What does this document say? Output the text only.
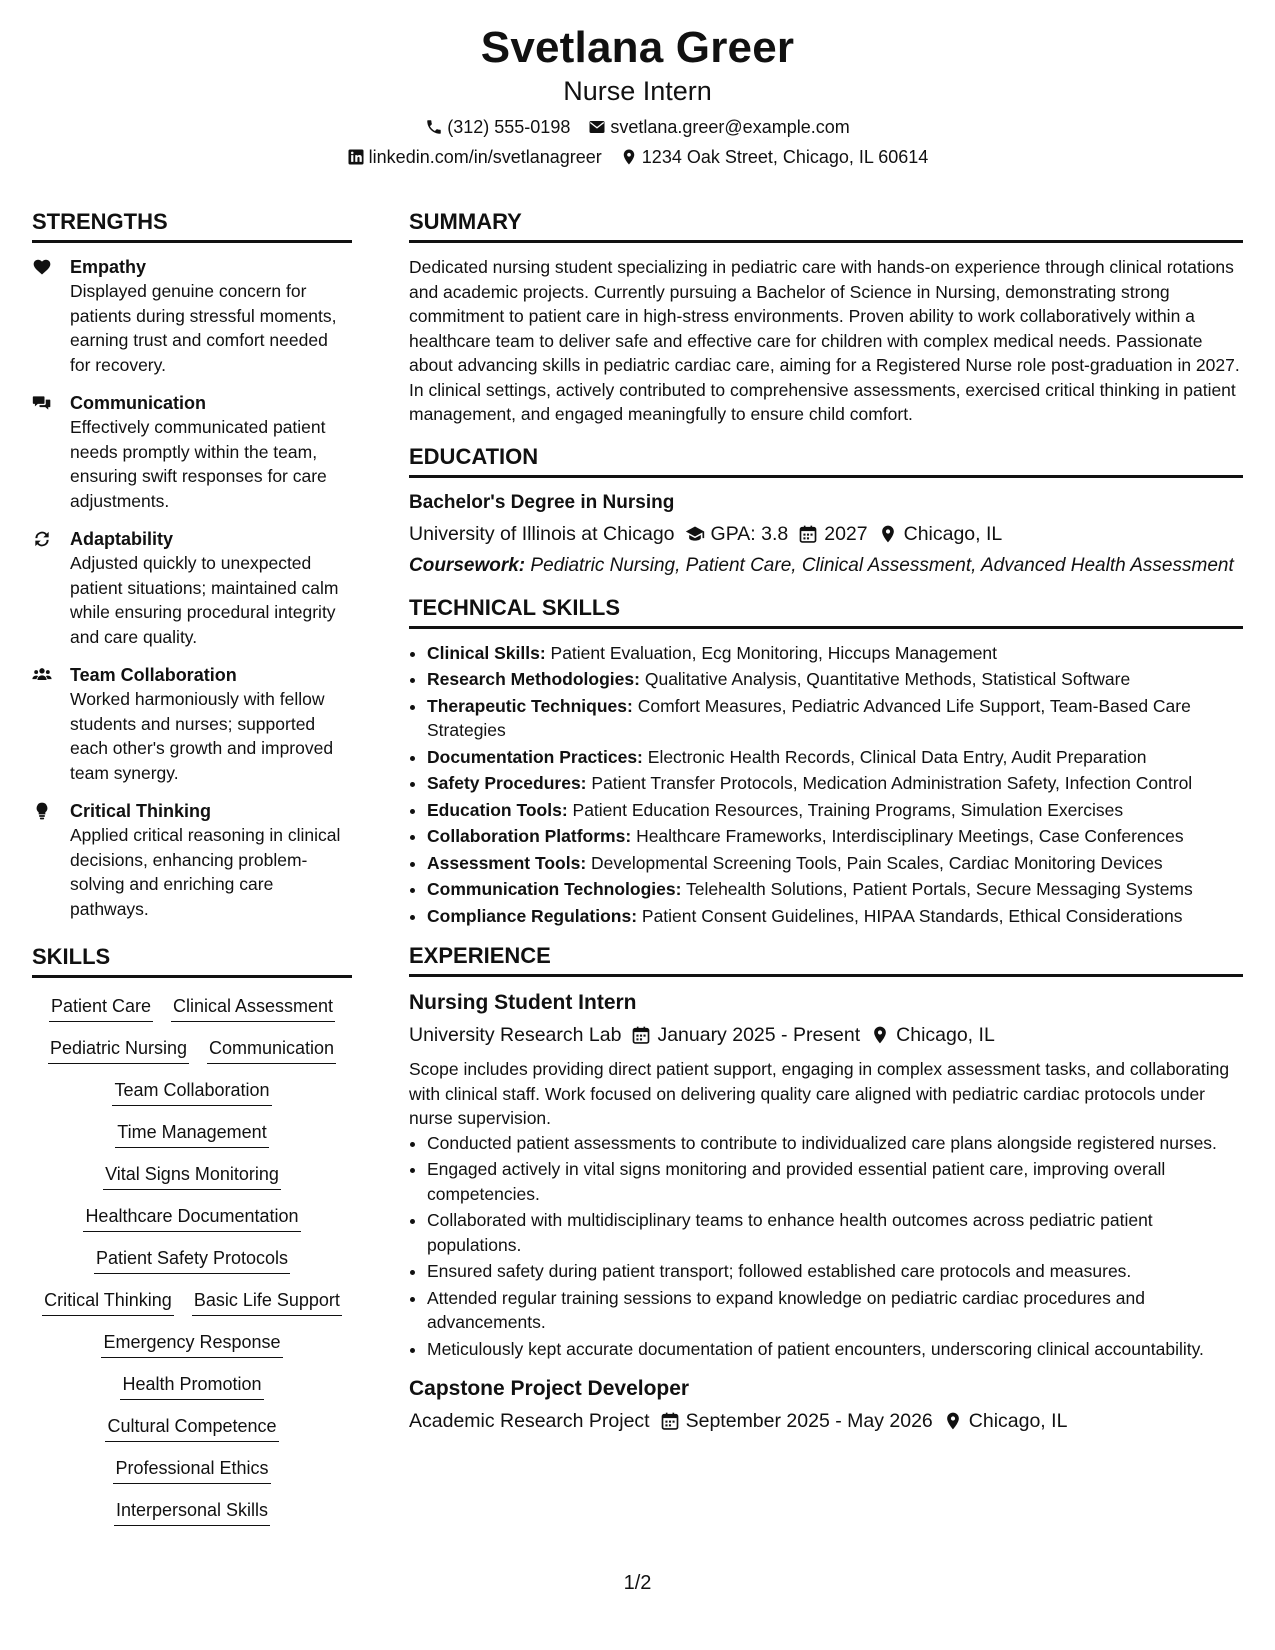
Svetlana Greer
Nurse Intern
(312) 555-0198 svetlana.greer@example.com
linkedin.com/in/svetlanagreer 1234 Oak Street, Chicago, IL 60614
STRENGTHS
Empathy
Displayed genuine concern for patients during stressful moments, earning trust and comfort needed for recovery.
Communication
Effectively communicated patient needs promptly within the team, ensuring swift responses for care adjustments.
Adaptability
Adjusted quickly to unexpected patient situations; maintained calm while ensuring procedural integrity and care quality.
Team Collaboration
Worked harmoniously with fellow students and nurses; supported each other's growth and improved team synergy.
Critical Thinking
Applied critical reasoning in clinical decisions, enhancing problem-solving and enriching care pathways.
SKILLS
Patient Care Clinical Assessment
Pediatric Nursing Communication
Team Collaboration
Time Management
Vital Signs Monitoring
Healthcare Documentation
Patient Safety Protocols
Critical Thinking Basic Life Support
Emergency Response
Health Promotion
Cultural Competence
Professional Ethics
Interpersonal Skills
SUMMARY
Dedicated nursing student specializing in pediatric care with hands-on experience through clinical rotations and academic projects. Currently pursuing a Bachelor of Science in Nursing, demonstrating strong commitment to patient care in high-stress environments. Proven ability to work collaboratively within a healthcare team to deliver safe and effective care for children with complex medical needs. Passionate about advancing skills in pediatric cardiac care, aiming for a Registered Nurse role post-graduation in 2027. In clinical settings, actively contributed to comprehensive assessments, exercised critical thinking in patient management, and engaged meaningfully to ensure child comfort.
EDUCATION
Bachelor's Degree in Nursing
University of Illinois at Chicago GPA: 3.8 2027 Chicago, IL
Coursework: Pediatric Nursing, Patient Care, Clinical Assessment, Advanced Health Assessment
TECHNICAL SKILLS
• Clinical Skills: Patient Evaluation, Ecg Monitoring, Hiccups Management
• Research Methodologies: Qualitative Analysis, Quantitative Methods, Statistical Software
• Therapeutic Techniques: Comfort Measures, Pediatric Advanced Life Support, Team-Based Care Strategies
• Documentation Practices: Electronic Health Records, Clinical Data Entry, Audit Preparation
• Safety Procedures: Patient Transfer Protocols, Medication Administration Safety, Infection Control
• Education Tools: Patient Education Resources, Training Programs, Simulation Exercises
• Collaboration Platforms: Healthcare Frameworks, Interdisciplinary Meetings, Case Conferences
• Assessment Tools: Developmental Screening Tools, Pain Scales, Cardiac Monitoring Devices
• Communication Technologies: Telehealth Solutions, Patient Portals, Secure Messaging Systems
• Compliance Regulations: Patient Consent Guidelines, HIPAA Standards, Ethical Considerations
EXPERIENCE
Nursing Student Intern
University Research Lab January 2025 - Present Chicago, IL
Scope includes providing direct patient support, engaging in complex assessment tasks, and collaborating with clinical staff. Work focused on delivering quality care aligned with pediatric cardiac protocols under nurse supervision.
• Conducted patient assessments to contribute to individualized care plans alongside registered nurses.
• Engaged actively in vital signs monitoring and provided essential patient care, improving overall competencies.
• Collaborated with multidisciplinary teams to enhance health outcomes across pediatric patient populations.
• Ensured safety during patient transport; followed established care protocols and measures.
• Attended regular training sessions to expand knowledge on pediatric cardiac procedures and advancements.
• Meticulously kept accurate documentation of patient encounters, underscoring clinical accountability.
Capstone Project Developer
Academic Research Project September 2025 - May 2026 Chicago, IL
1/2
